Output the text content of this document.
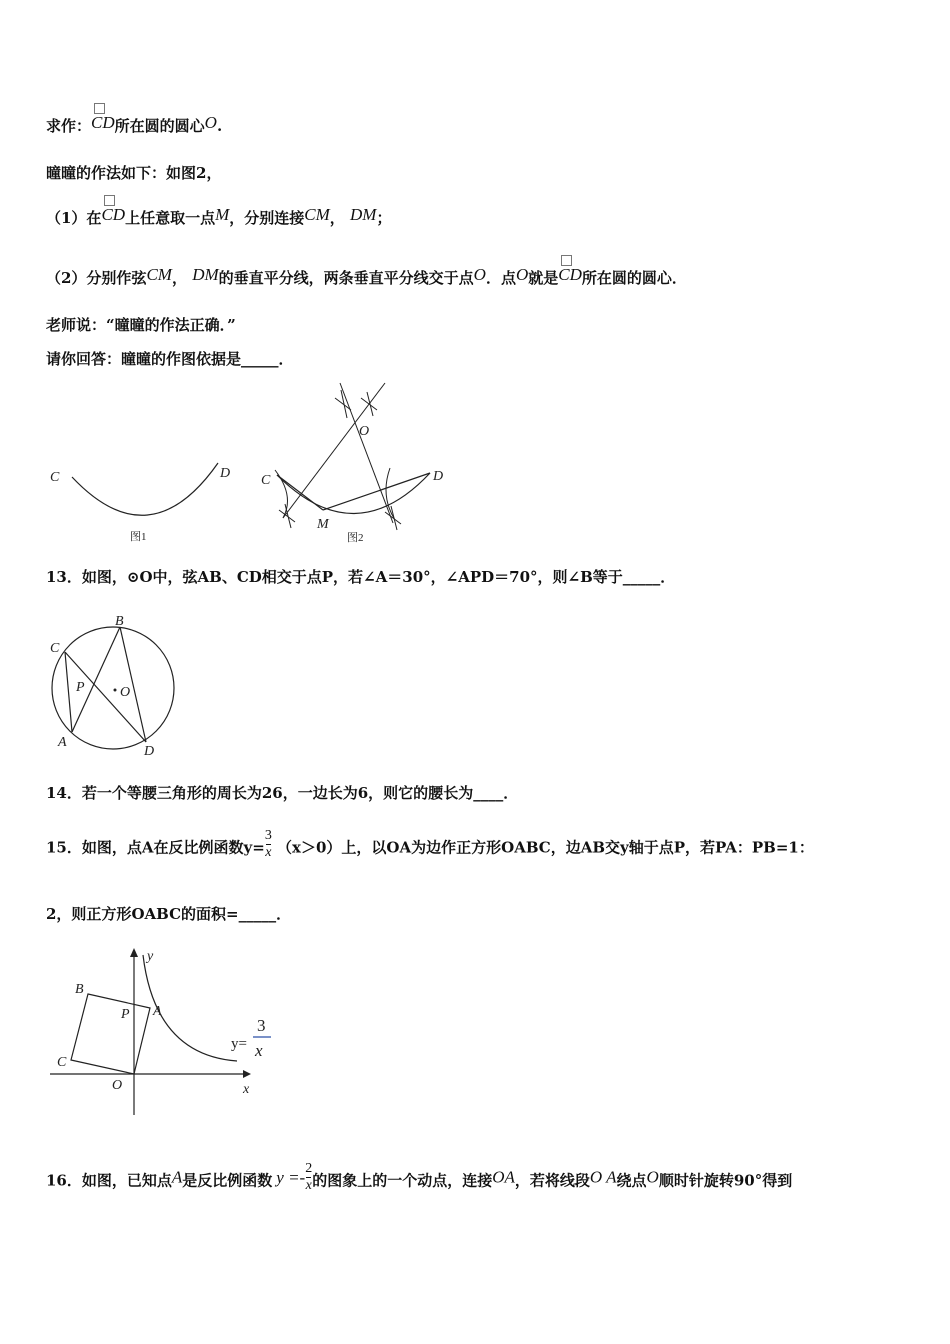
求作：
CD所在圆的圆心O.
曈曈的作法如下：如图2，
（1）在
CD上任意取一点M，分别连接CM， DM；
（2）分别作弦CM， DM的垂直平分线，两条垂直平分线交于点O．点O就是
CD所在圆的圆心．
老师说：“曈曈的作法正确．”
请你回答：曈曈的作图依据是_____．
C	D
图1
C	D
O
M
图2
13．如图，⊙O中，弦AB、CD相交于点P，若∠A＝30°，∠APD＝70°，则∠B等于_____．
C
B
P	O
A
D
14．若一个等腰三角形的周长为26，一边长为6，则它的腰长为____．
15．如图，点A在反比例函数$y= \frac{3}{x} (x>0)$上，以OA为边作正方形OABC，边AB交y轴于点P，若PA：PB=1：
2，则正方形OABC的面积=_____．
y
x
B
A
P
C
O
y=
3
x
16．如图，已知点A是反比例函数 $y =- \frac{2}{x}$ 的图象上的一个动点，连接OA，若将线段O A绕点O顺时针旋转90°得到
